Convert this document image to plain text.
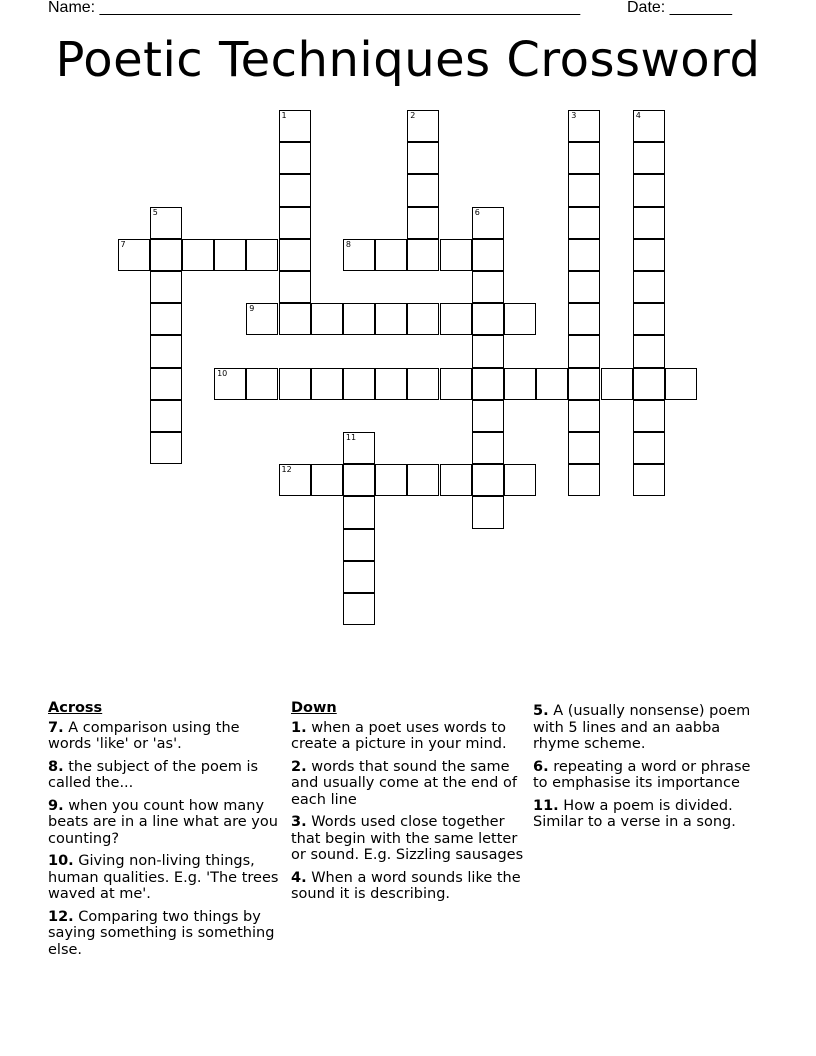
Name: ______________________________________________________	Date: _______
Poetic Techniques Crossword
1	2	3	4
5	6
7	8
9
10
11
12
Across

7. A comparison using the words 'like' or 'as'.

8. the subject of the poem is called the...

9. when you count how many beats are in a line what are you counting?

10. Giving non-living things, human qualities. E.g. 'The trees waved at me'.

12. Comparing two things by saying something is something else.

Down

1. when a poet uses words to create a picture in your mind.

2. words that sound the same and usually come at the end of each line

3. Words used close together that begin with the same letter or sound. E.g. Sizzling sausages

4. When a word sounds like the sound it is describing.

5. A (usually nonsense) poem with 5 lines and an aabba rhyme scheme.

6. repeating a word or phrase to emphasise its importance

11. How a poem is divided. Similar to a verse in a song.
